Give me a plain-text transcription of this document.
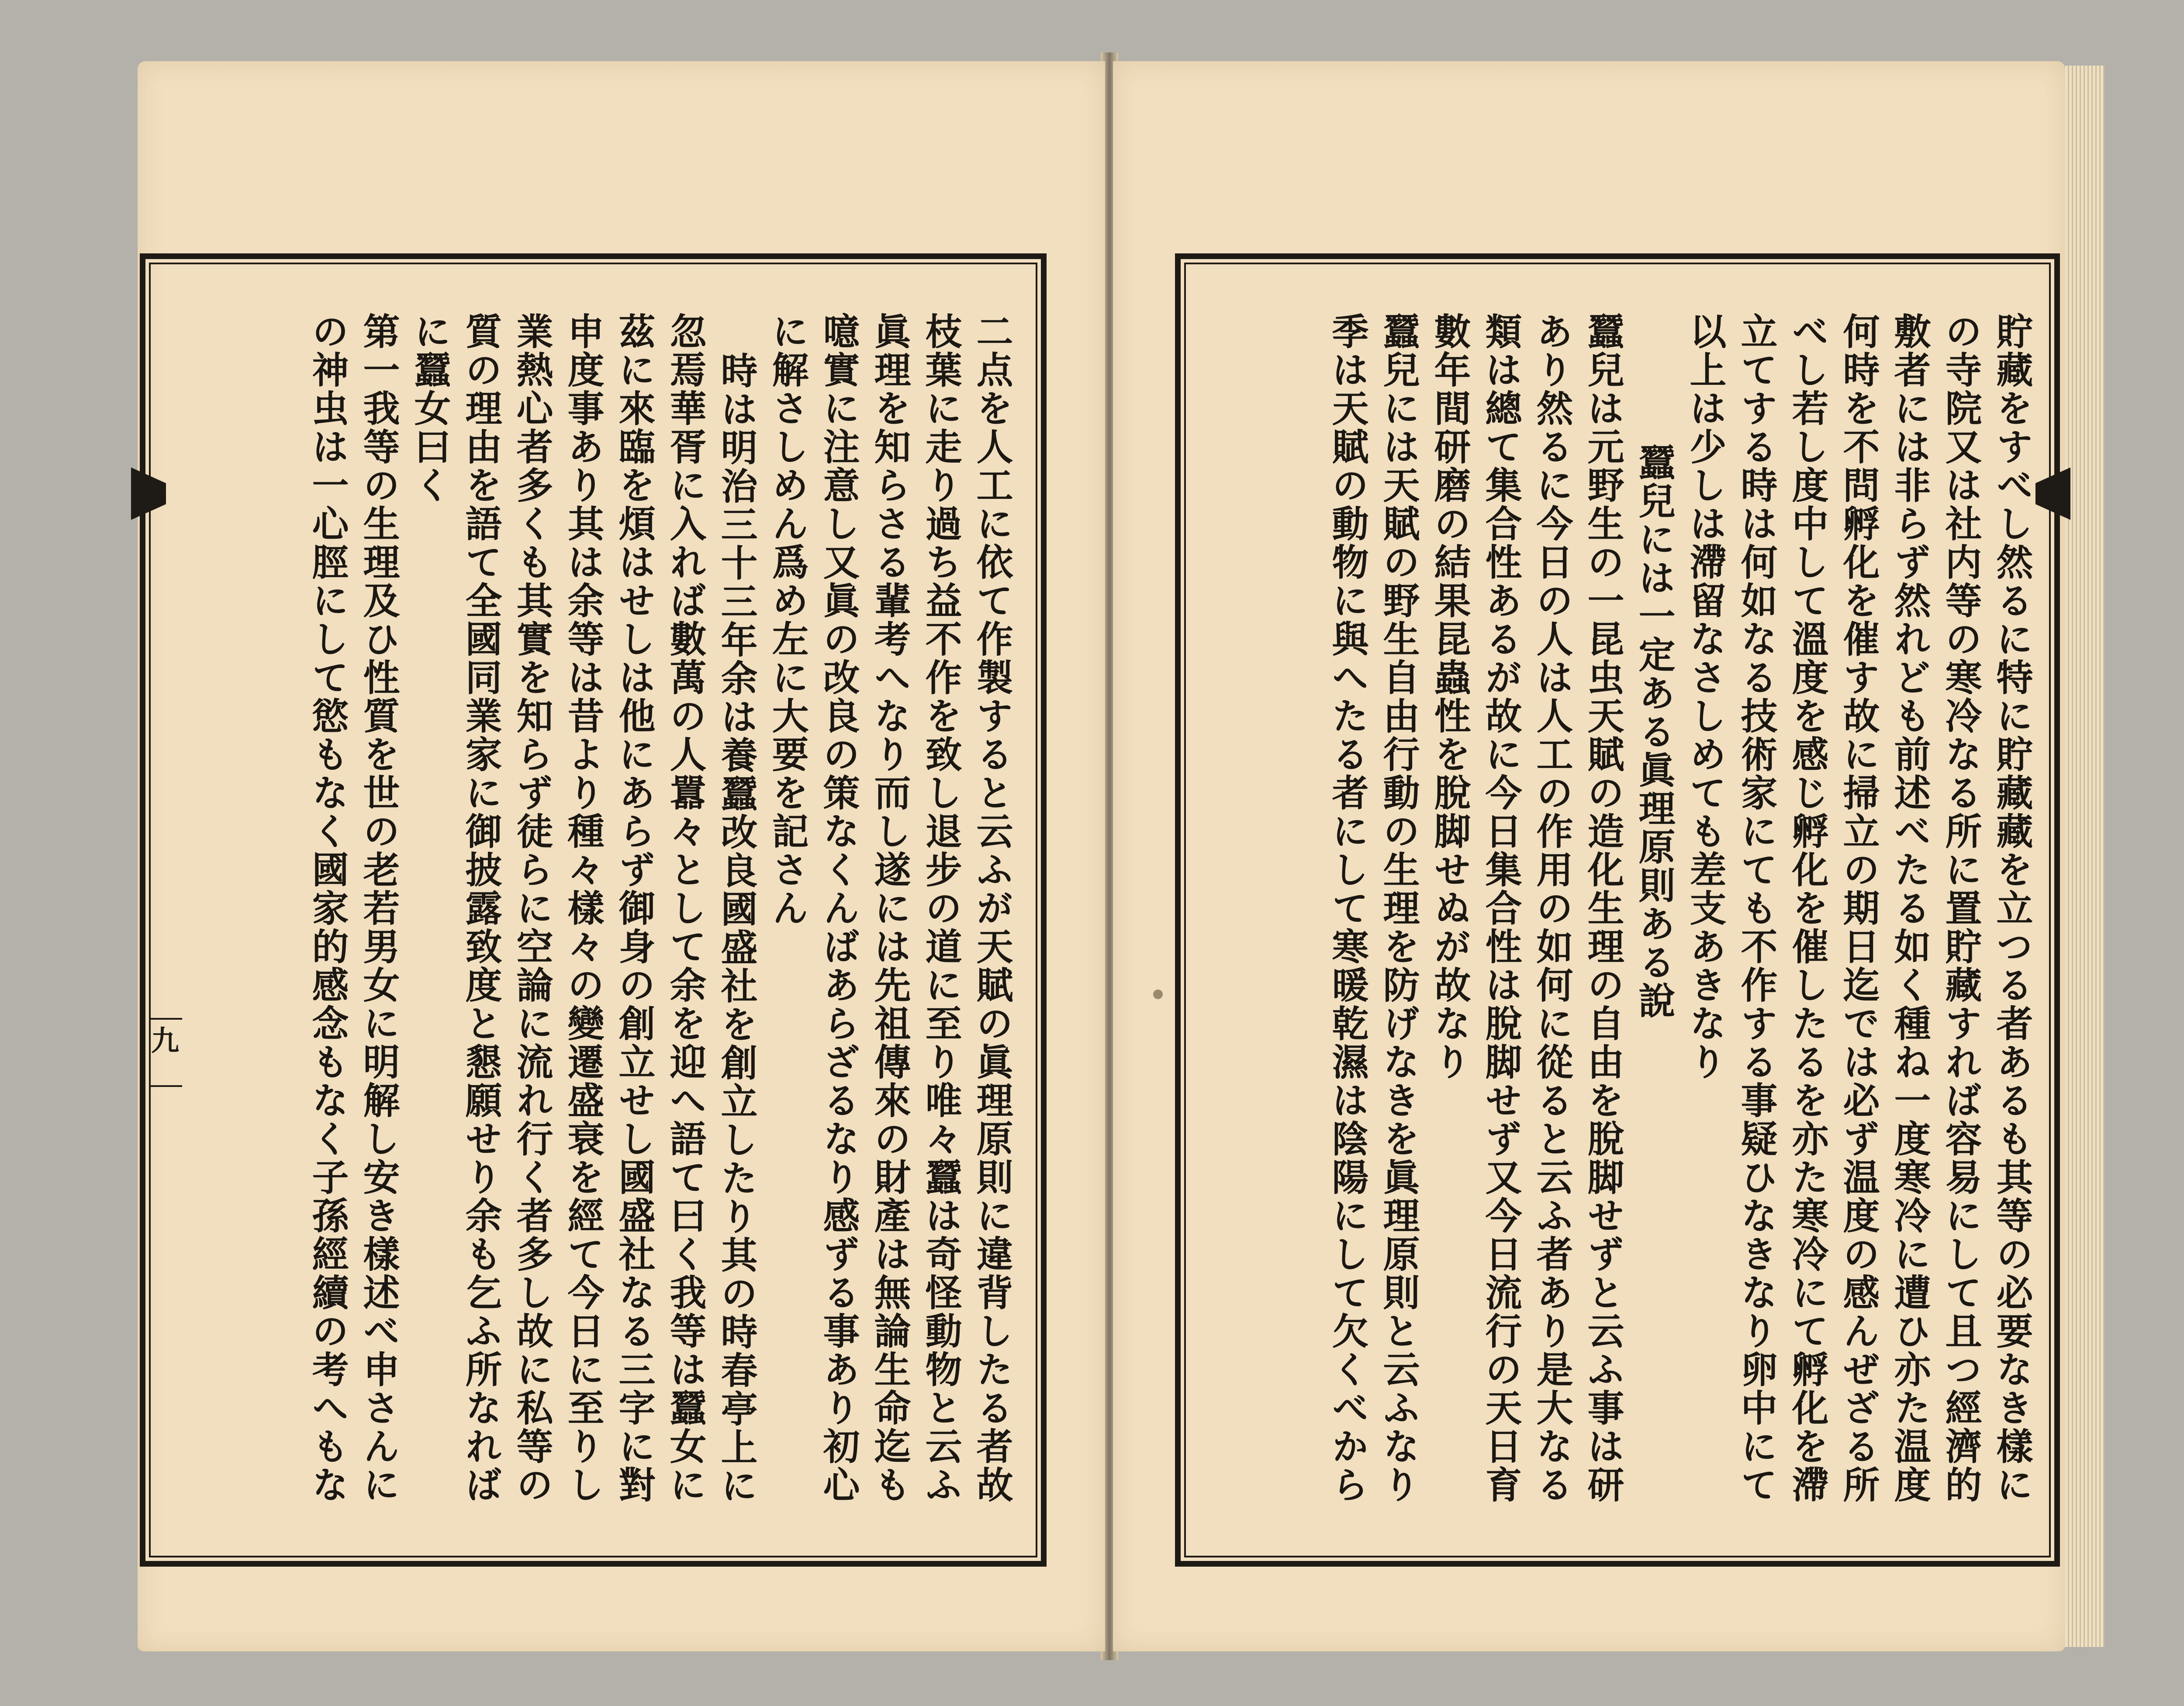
九
貯藏をすべし然るに特に貯藏藏を立つる者あるも其等の必要なき樣に
の寺院又は社内等の寒冷なる所に置貯藏すれば容易にして且つ經濟的
敷者には非らず然れども前述べたる如く種ね一度寒冷に遭ひ亦た温度
何時を不問孵化を催す故に掃立の期日迄では必ず温度の感んぜざる所
べし若し度中して溫度を感じ孵化を催したるを亦た寒冷にて孵化を滯
立てする時は何如なる技術家にても不作する事疑ひなきなり卵中にて
以上は少しは滯留なさしめても差支あきなり
蠶兒には一定ある眞理原則ある說
蠶兒は元野生の一昆虫天賦の造化生理の自由を脫脚せずと云ふ事は研
あり然るに今日の人は人工の作用の如何に從ると云ふ者あり是大なる
類は總て集合性あるが故に今日集合性は脫脚せず又今日流行の天日育
數年間研磨の結果昆蟲性を脫脚せぬが故なり
蠶兒には天賦の野生自由行動の生理を防げなきを眞理原則と云ふなり
季は天賦の動物に與へたる者にして寒暖乾濕は陰陽にして欠くべから
二点を人工に依て作製すると云ふが天賦の眞理原則に違背したる者故
枝葉に走り過ち益不作を致し退步の道に至り唯々蠶は奇怪動物と云ふ
眞理を知らさる輩考へなり而し遂には先祖傳來の財產は無論生命迄も
噫實に注意し又眞の改良の策なくんばあらざるなり感ずる事あり初心
に解さしめん爲め左に大要を記さん
時は明治三十三年余は養蠶改良國盛社を創立したり其の時春亭上に
忽焉華胥に入れば數萬の人囂々として余を迎へ語て曰く我等は蠶女に
茲に來臨を煩はせしは他にあらず御身の創立せし國盛社なる三字に對
申度事あり其は余等は昔より種々樣々の變遷盛衰を經て今日に至りし
業熱心者多くも其實を知らず徒らに空論に流れ行く者多し故に私等の
質の理由を語て全國同業家に御披露致度と懇願せり余も乞ふ所なれば
に蠶女曰く
第一我等の生理及ひ性質を世の老若男女に明解し安き樣述べ申さんに
の神虫は一心脛にして慾もなく國家的感念もなく子孫經續の考へもな
